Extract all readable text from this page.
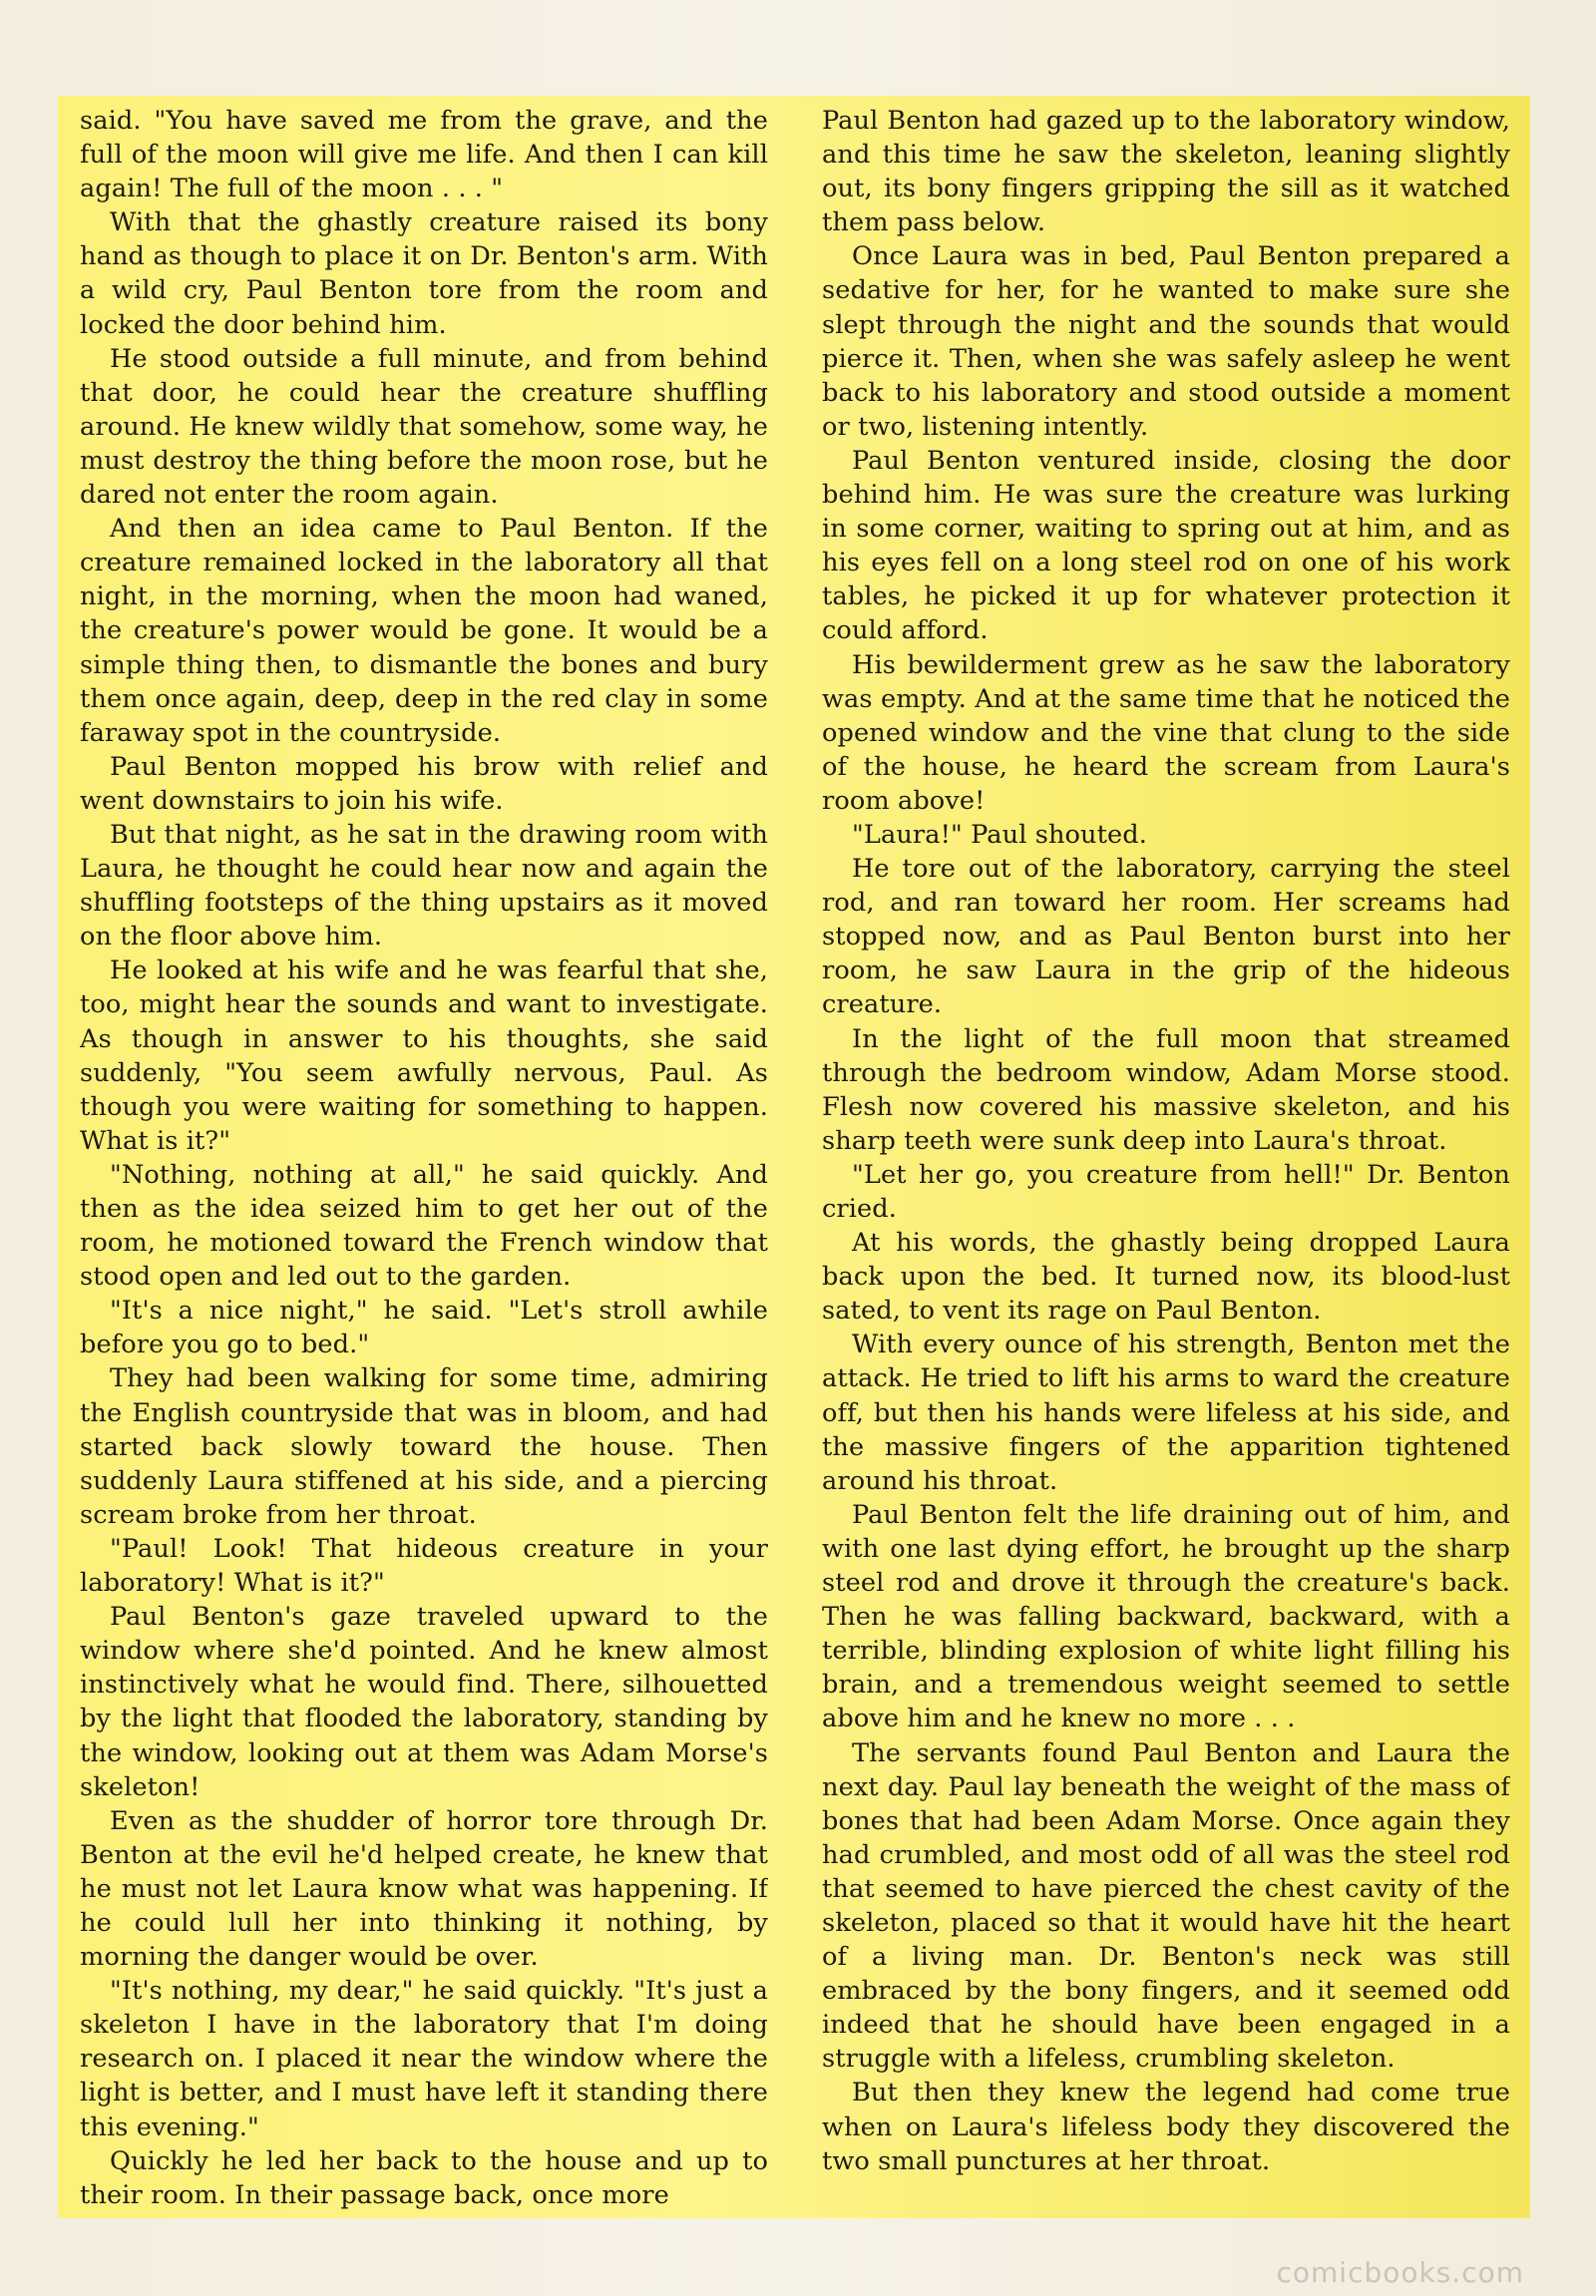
said. "You have saved me from the grave, and the full of the moon will give me life. And then I can kill again! The full of the moon . . . "

With that the ghastly creature raised its bony hand as though to place it on Dr. Benton's arm. With a wild cry, Paul Benton tore from the room and locked the door behind him.

He stood outside a full minute, and from behind that door, he could hear the creature shuffling around. He knew wildly that somehow, some way, he must destroy the thing before the moon rose, but he dared not enter the room again.

And then an idea came to Paul Benton. If the creature remained locked in the laboratory all that night, in the morning, when the moon had waned, the creature's power would be gone. It would be a simple thing then, to dismantle the bones and bury them once again, deep, deep in the red clay in some faraway spot in the countryside.

Paul Benton mopped his brow with relief and went downstairs to join his wife.

But that night, as he sat in the drawing room with Laura, he thought he could hear now and again the shuffling footsteps of the thing upstairs as it moved on the floor above him.

He looked at his wife and he was fearful that she, too, might hear the sounds and want to investigate. As though in answer to his thoughts, she said suddenly, "You seem awfully nervous, Paul. As though you were waiting for something to happen. What is it?"

"Nothing, nothing at all," he said quickly. And then as the idea seized him to get her out of the room, he motioned toward the French window that stood open and led out to the garden.

"It's a nice night," he said. "Let's stroll awhile before you go to bed."

They had been walking for some time, admiring the English countryside that was in bloom, and had started back slowly toward the house. Then suddenly Laura stiffened at his side, and a piercing scream broke from her throat.

"Paul! Look! That hideous creature in your laboratory! What is it?"

Paul Benton's gaze traveled upward to the window where she'd pointed. And he knew almost instinctively what he would find. There, silhouetted by the light that flooded the laboratory, standing by the window, looking out at them was Adam Morse's skeleton!

Even as the shudder of horror tore through Dr. Benton at the evil he'd helped create, he knew that he must not let Laura know what was happening. If he could lull her into thinking it nothing, by morning the danger would be over.

"It's nothing, my dear," he said quickly. "It's just a skeleton I have in the laboratory that I'm doing research on. I placed it near the window where the light is better, and I must have left it standing there this evening."

Quickly he led her back to the house and up to their room. In their passage back, once more

Paul Benton had gazed up to the laboratory window, and this time he saw the skeleton, leaning slightly out, its bony fingers gripping the sill as it watched them pass below.

Once Laura was in bed, Paul Benton prepared a sedative for her, for he wanted to make sure she slept through the night and the sounds that would pierce it. Then, when she was safely asleep he went back to his laboratory and stood outside a moment or two, listening intently.

Paul Benton ventured inside, closing the door behind him. He was sure the creature was lurking in some corner, waiting to spring out at him, and as his eyes fell on a long steel rod on one of his work tables, he picked it up for whatever protection it could afford.

His bewilderment grew as he saw the laboratory was empty. And at the same time that he noticed the opened window and the vine that clung to the side of the house, he heard the scream from Laura's room above!

"Laura!" Paul shouted.

He tore out of the laboratory, carrying the steel rod, and ran toward her room. Her screams had stopped now, and as Paul Benton burst into her room, he saw Laura in the grip of the hideous creature.

In the light of the full moon that streamed through the bedroom window, Adam Morse stood. Flesh now covered his massive skeleton, and his sharp teeth were sunk deep into Laura's throat.

"Let her go, you creature from hell!" Dr. Benton cried.

At his words, the ghastly being dropped Laura back upon the bed. It turned now, its blood-lust sated, to vent its rage on Paul Benton.

With every ounce of his strength, Benton met the attack. He tried to lift his arms to ward the creature off, but then his hands were lifeless at his side, and the massive fingers of the apparition tightened around his throat.

Paul Benton felt the life draining out of him, and with one last dying effort, he brought up the sharp steel rod and drove it through the creature's back. Then he was falling backward, backward, with a terrible, blinding explosion of white light filling his brain, and a tremendous weight seemed to settle above him and he knew no more . . .

The servants found Paul Benton and Laura the next day. Paul lay beneath the weight of the mass of bones that had been Adam Morse. Once again they had crumbled, and most odd of all was the steel rod that seemed to have pierced the chest cavity of the skeleton, placed so that it would have hit the heart of a living man. Dr. Benton's neck was still embraced by the bony fingers, and it seemed odd indeed that he should have been engaged in a struggle with a lifeless, crumbling skeleton.

But then they knew the legend had come true when on Laura's lifeless body they discovered the two small punctures at her throat.

comicbooks.com
